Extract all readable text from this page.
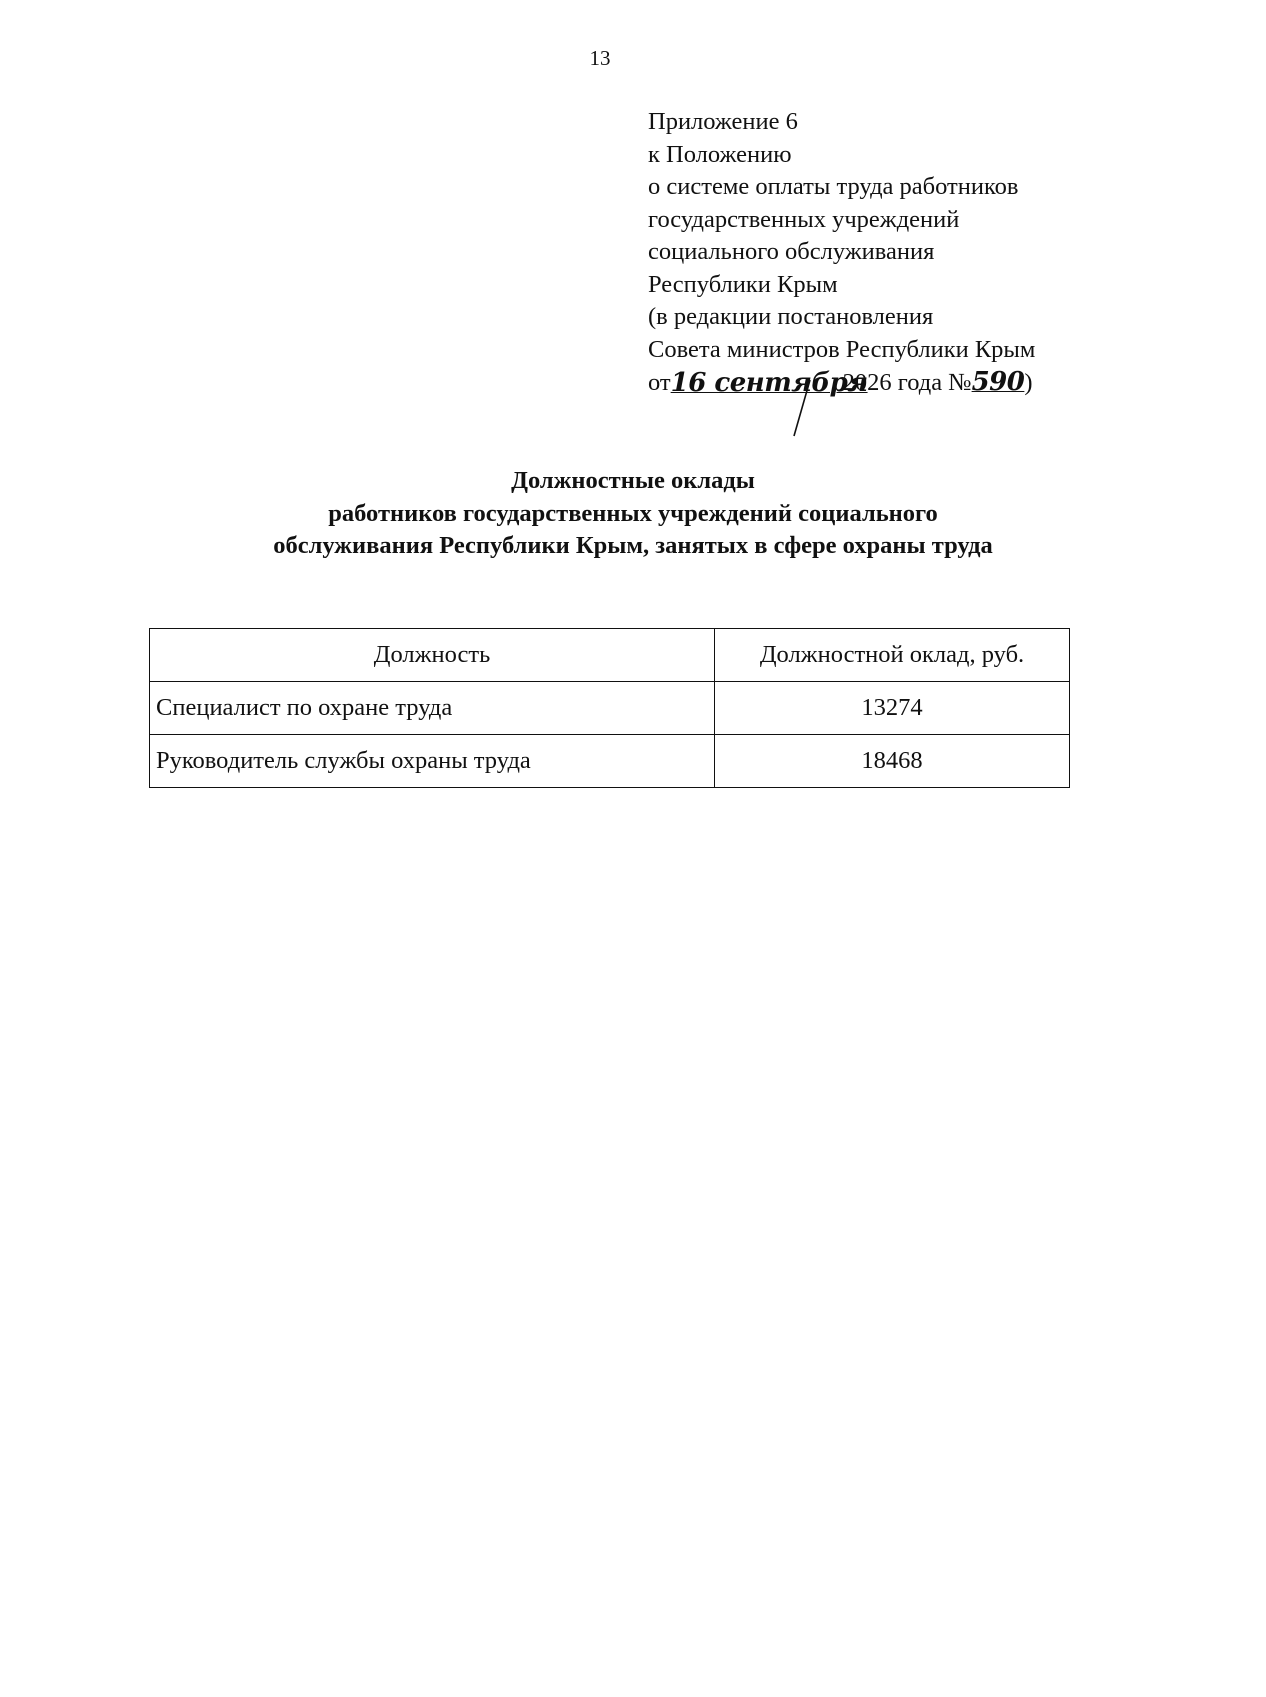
13
Приложение 6
к Положению
о системе оплаты труда работников
государственных учреждений
социального обслуживания
Республики Крым
(в редакции постановления
Совета министров Республики Крым
от16 сентября2026 года №590)
Должностные оклады
работников государственных учреждений социального
обслуживания Республики Крым, занятых в сфере охраны труда
Должность	Должностной оклад, руб.
Специалист по охране труда	13274
Руководитель службы охраны труда	18468
